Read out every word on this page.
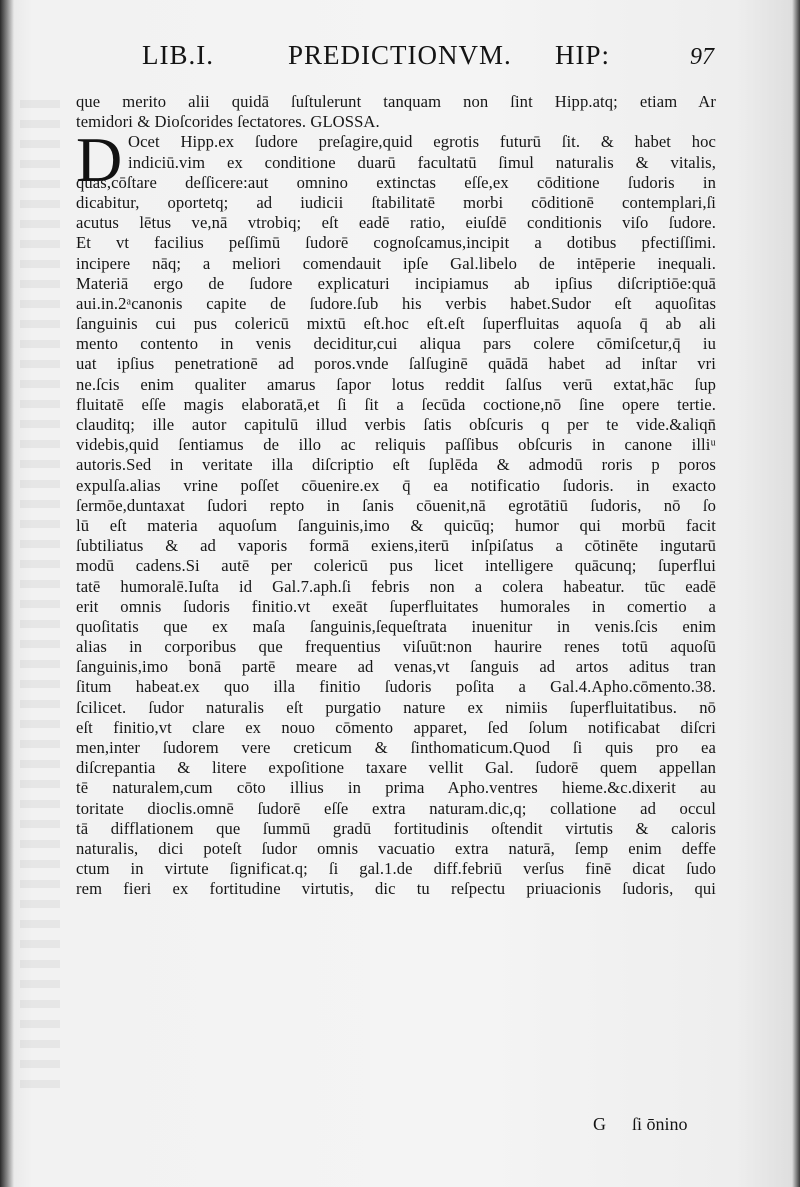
LIB.I.	PREDICTIONVM. HIP:	97
D
que merito alii quidā ſuſtulerunt tanquam non ſint Hipp.atq; etiam Ar
temidori & Dioſcorides ſectatores. GLOSSA.
Ocet Hipp.ex ſudore preſagire,quid egrotis futurū ſit. & habet hoc
indiciū.vim ex conditione duarū facultatū ſimul naturalis & vitalis,
quas,cōſtare deſſicere:aut omnino extinctas eſſe,ex cōditione ſudoris in
dicabitur, oportetq; ad iudicii ſtabilitatē morbi cōditionē contemplari,ſi
acutus lētus ve,nā vtrobiq; eſt eadē ratio, eiuſdē conditionis viſo ſudore.
Et vt facilius peſſimū ſudorē cognoſcamus,incipit a dotibus pfectiſſimi.
incipere nāq; a meliori comendauit ipſe Gal.libelo de intēperie inequali.
Materiā ergo de ſudore explicaturi incipiamus ab ipſius diſcriptiōe:quā
aui.in.2ᵃcanonis capite de ſudore.ſub his verbis habet.Sudor eſt aquoſitas
ſanguinis cui pus colericū mixtū eſt.hoc eſt.eſt ſuperfluitas aquoſa q̄ ab ali
mento contento in venis deciditur,cui aliqua pars colere cōmiſcetur,q̄ iu
uat ipſius penetrationē ad poros.vnde ſalſuginē quādā habet ad inſtar vri
ne.ſcis enim qualiter amarus ſapor lotus reddit ſalſus verū extat,hāc ſup
fluitatē eſſe magis elaboratā,et ſi ſit a ſecūda coctione,nō ſine opere tertie.
clauditq; ille autor capitulū illud verbis ſatis obſcuris q per te vide.&aliqn̄
videbis,quid ſentiamus de illo ac reliquis paſſibus obſcuris in canone illiᵘ
autoris.Sed in veritate illa diſcriptio eſt ſuplēda & admodū roris p poros
expulſa.alias vrine poſſet cōuenire.ex q̄ ea notificatio ſudoris. in exacto
ſermōe,duntaxat ſudori repto in ſanis cōuenit,nā egrotātiū ſudoris, nō ſo
lū eſt materia aquoſum ſanguinis,imo & quicūq; humor qui morbū facit
ſubtiliatus & ad vaporis formā exiens,iterū inſpiſatus a cōtinēte ingutarū
modū cadens.Si autē per colericū pus licet intelligere quācunq; ſuperflui
tatē humoralē.Iuſta id Gal.7.aph.ſi febris non a colera habeatur. tūc eadē
erit omnis ſudoris finitio.vt exeāt ſuperfluitates humorales in comertio a
quoſitatis que ex maſa ſanguinis,ſequeſtrata inuenitur in venis.ſcis enim
alias in corporibus que frequentius viſuūt:non haurire renes totū aquoſū
ſanguinis,imo bonā partē meare ad venas,vt ſanguis ad artos aditus tran
ſitum habeat.ex quo illa finitio ſudoris poſita a Gal.4.Apho.cōmento.38.
ſcilicet. ſudor naturalis eſt purgatio nature ex nimiis ſuperfluitatibus. nō
eſt finitio,vt clare ex nouo cōmento apparet, ſed ſolum notificabat diſcri
men,inter ſudorem vere creticum & ſinthomaticum.Quod ſi quis pro ea
diſcrepantia & litere expoſitione taxare vellit Gal. ſudorē quem appellan
tē naturalem,cum cōto illius in prima Apho.ventres hieme.&c.dixerit au
toritate dioclis.omnē ſudorē eſſe extra naturam.dic,q; collatione ad occul
tā difflationem que ſummū gradū fortitudinis oſtendit virtutis & caloris
naturalis, dici poteſt ſudor omnis vacuatio extra naturā, ſemp enim deffe
ctum in virtute ſignificat.q; ſi gal.1.de diff.febriū verſus finē dicat ſudo
rem fieri ex fortitudine virtutis, dic tu reſpectu priuacionis ſudoris, qui
G ſi ōnino
